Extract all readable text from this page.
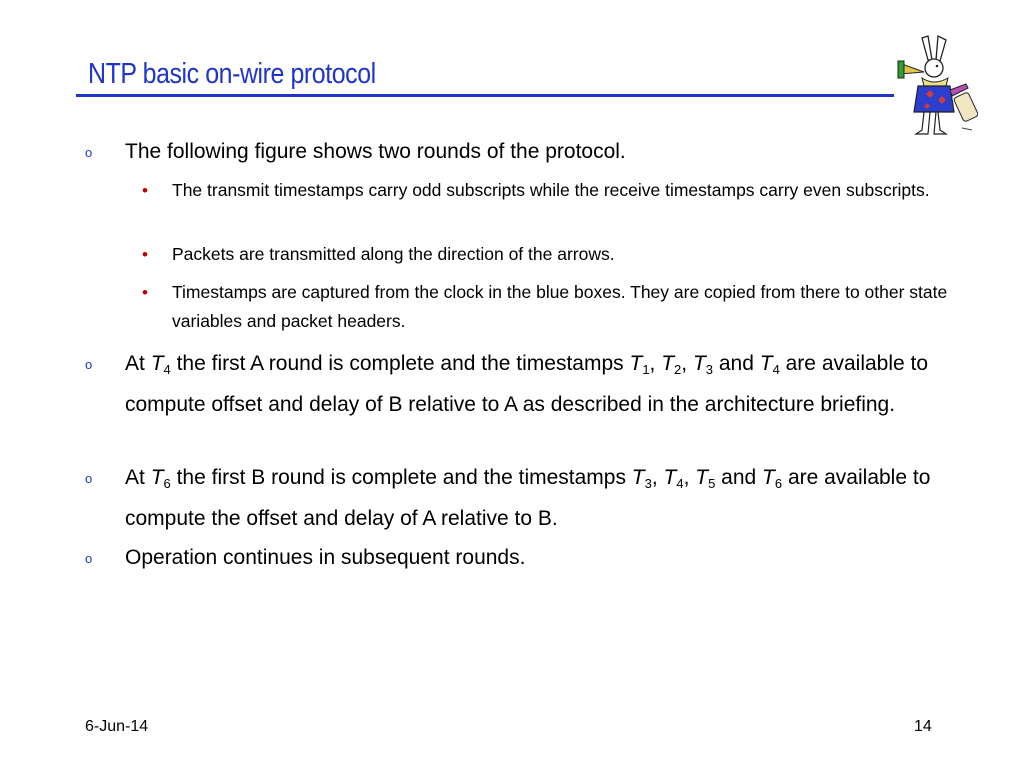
NTP basic on-wire protocol
o The following figure shows two rounds of the protocol.
• The transmit timestamps carry odd subscripts while the receive timestamps carry even subscripts.
• Packets are transmitted along the direction of the arrows.
• Timestamps are captured from the clock in the blue boxes. They are copied from there to other state variables and packet headers.
o At $T_4$ the first A round is complete and the timestamps $T_1$, $T_2$, $T_3$ and $T_4$ are available to compute offset and delay of B relative to A as described in the architecture briefing.
o At $T_6$ the first B round is complete and the timestamps $T_3$, $T_4$, $T_5$ and $T_6$ are available to compute the offset and delay of A relative to B.
o Operation continues in subsequent rounds.
6-Jun-14	14
